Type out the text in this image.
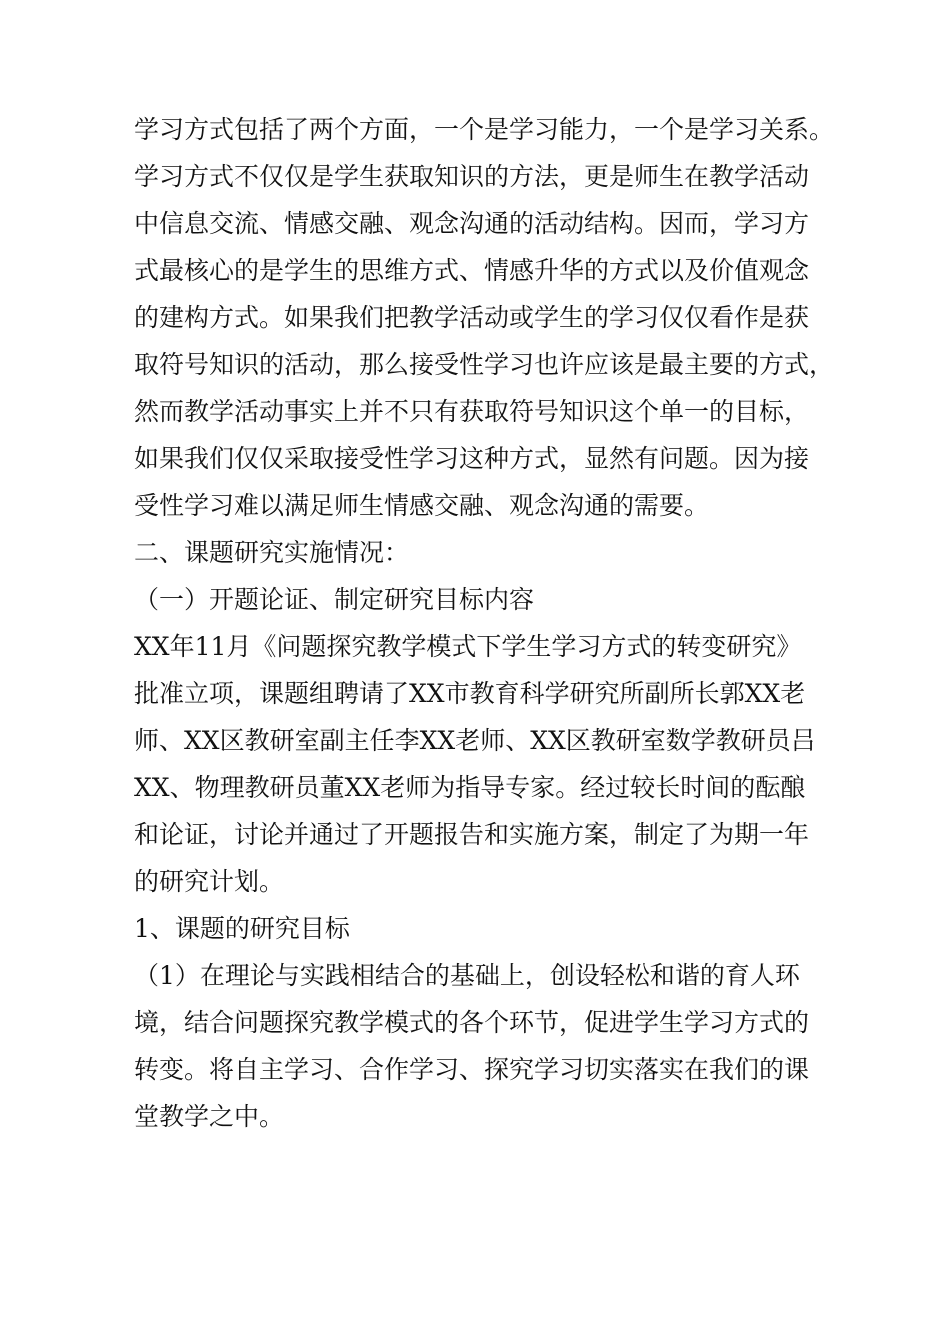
学习方式包括了两个方面，一个是学习能力，一个是学习关系。
学习方式不仅仅是学生获取知识的方法，更是师生在教学活动
中信息交流、情感交融、观念沟通的活动结构。因而，学习方
式最核心的是学生的思维方式、情感升华的方式以及价值观念
的建构方式。如果我们把教学活动或学生的学习仅仅看作是获
取符号知识的活动，那么接受性学习也许应该是最主要的方式，
然而教学活动事实上并不只有获取符号知识这个单一的目标，
如果我们仅仅采取接受性学习这种方式，显然有问题。因为接
受性学习难以满足师生情感交融、观念沟通的需要。
二、课题研究实施情况：
（一）开题论证、制定研究目标内容
XX年11月《问题探究教学模式下学生学习方式的转变研究》
批准立项，课题组聘请了XX市教育科学研究所副所长郭XX老
师、XX区教研室副主任李XX老师、XX区教研室数学教研员吕
XX、物理教研员董XX老师为指导专家。经过较长时间的酝酿
和论证，讨论并通过了开题报告和实施方案，制定了为期一年
的研究计划。
1、课题的研究目标
（1）在理论与实践相结合的基础上，创设轻松和谐的育人环
境，结合问题探究教学模式的各个环节，促进学生学习方式的
转变。将自主学习、合作学习、探究学习切实落实在我们的课
堂教学之中。
